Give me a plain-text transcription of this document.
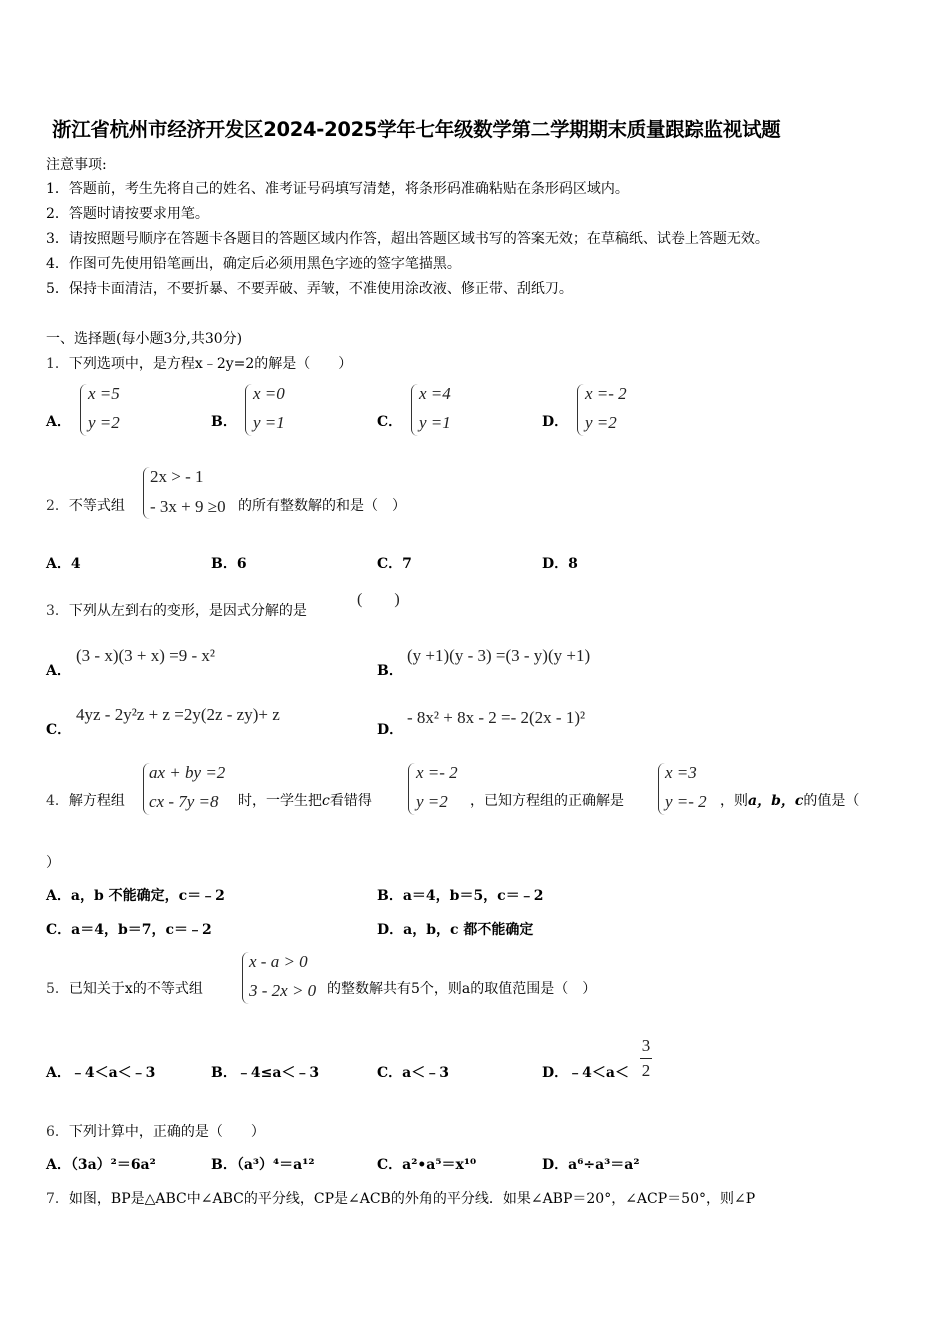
浙江省杭州市经济开发区2024-2025学年七年级数学第二学期期末质量跟踪监视试题
注意事项:
1．答题前，考生先将自己的姓名、准考证号码填写清楚，将条形码准确粘贴在条形码区域内。
2．答题时请按要求用笔。
3．请按照题号顺序在答题卡各题目的答题区域内作答，超出答题区域书写的答案无效；在草稿纸、试卷上答题无效。
4．作图可先使用铅笔画出，确定后必须用黑色字迹的签字笔描黑。
5．保持卡面清洁，不要折暴、不要弄破、弄皱，不准使用涂改液、修正带、刮纸刀。
一、选择题(每小题3分,共30分)
1．下列选项中，是方程x﹣2y=2的解是（　　）
A．
x =5
y =2	B．
x =0
y =1	C．
x =4
y =1	D．
x =- 2
y =2
2．不等式组
2x > - 1
- 3x + 9 ≥0 的所有整数解的和是（　）
A．4	B．6	C．7	D．8
3．下列从左到右的变形，是因式分解的是
(　　)
A．
(3 - x)(3 + x) =9 - x²
B．
(y +1)(y - 3) =(3 - y)(y +1)
C．
4yz - 2y²z + z =2y(2z - zy)+ z
D．
- 8x² + 8x - 2 =- 2(2x - 1)²
4．解方程组
ax + by =2
cx - 7y =8 时，一学生把c看错得
x =- 2
y =2 ，已知方程组的正确解是
x =3
y =- 2 ，则a，b，c的值是（
）
A．a，b 不能确定，c＝﹣2	B．a＝4，b＝5，c＝﹣2
C．a＝4，b＝7，c＝﹣2	D．a，b，c 都不能确定
5．已知关于x的不等式组
x - a > 0
3 - 2x > 0 的整数解共有5个，则a的取值范围是（　）
A．﹣4＜a＜﹣3	B．﹣4≤a＜﹣3	C．a＜﹣3	D．﹣4＜a＜
3
2
6．下列计算中，正确的是（　　）
A．（3a）²＝6a²	B．（a³）⁴＝a¹²	C．a²•a⁵＝x¹⁰	D．a⁶÷a³＝a²
7．如图，BP是△ABC中∠ABC的平分线，CP是∠ACB的外角的平分线．如果∠ABP＝20°，∠ACP＝50°，则∠P
